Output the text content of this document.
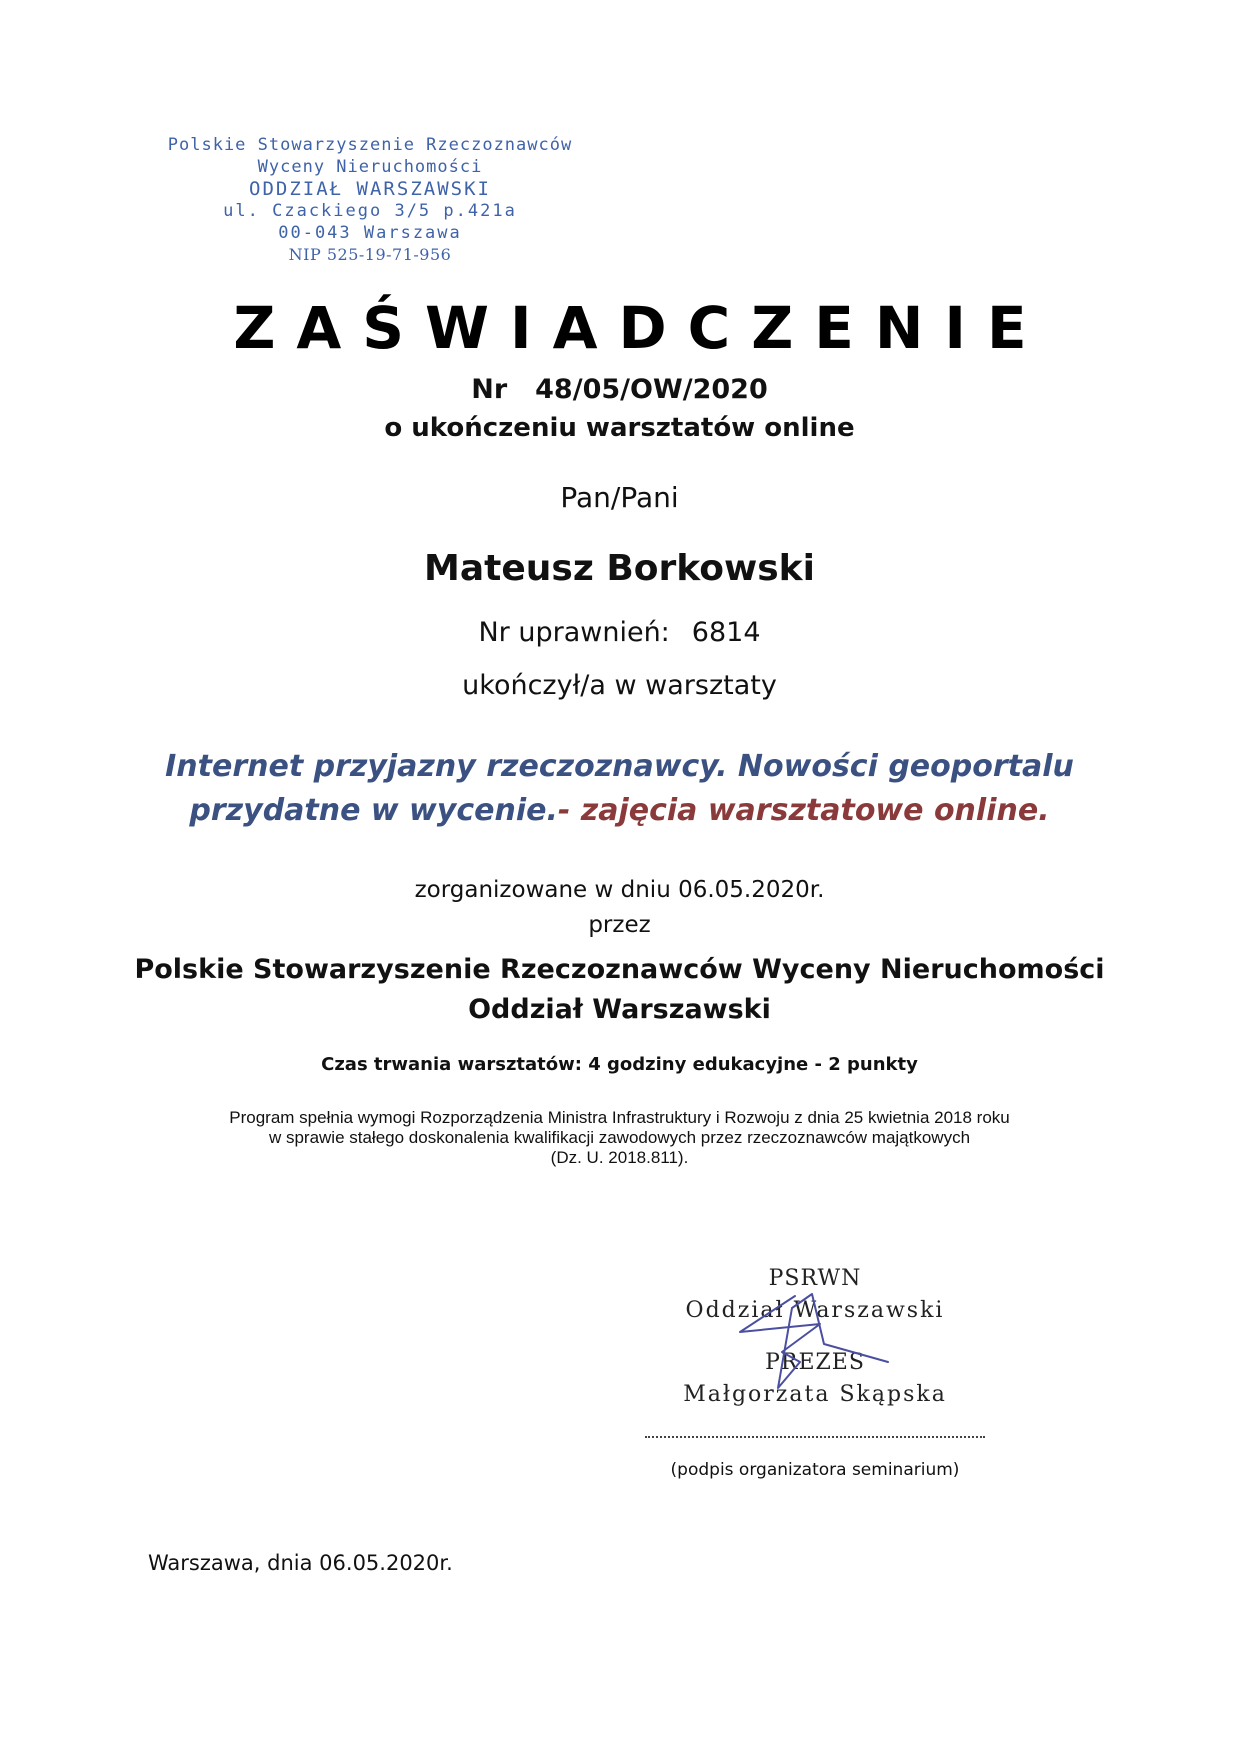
Polskie Stowarzyszenie Rzeczoznawców
Wyceny Nieruchomości
ODDZIAŁ WARSZAWSKI
ul. Czackiego 3/5 p.421a
00-043 Warszawa
NIP 525-19-71-956
ZAŚWIADCZENIE
Nr 48/05/OW/2020
o ukończeniu warsztatów online
Pan/Pani
Mateusz Borkowski
Nr uprawnień: 6814
ukończył/a w warsztaty
Internet przyjazny rzeczoznawcy. Nowości geoportalu
przydatne w wycenie.- zajęcia warsztatowe online.
zorganizowane w dniu 06.05.2020r.
przez
Polskie Stowarzyszenie Rzeczoznawców Wyceny Nieruchomości
Oddział Warszawski
Czas trwania warsztatów: 4 godziny edukacyjne - 2 punkty
Program spełnia wymogi Rozporządzenia Ministra Infrastruktury i Rozwoju z dnia 25 kwietnia 2018 roku
w sprawie stałego doskonalenia kwalifikacji zawodowych przez rzeczoznawców majątkowych
(Dz. U. 2018.811).
PSRWN
Oddział Warszawski
PREZES
Małgorzata Skąpska
(podpis organizatora seminarium)
Warszawa, dnia 06.05.2020r.
